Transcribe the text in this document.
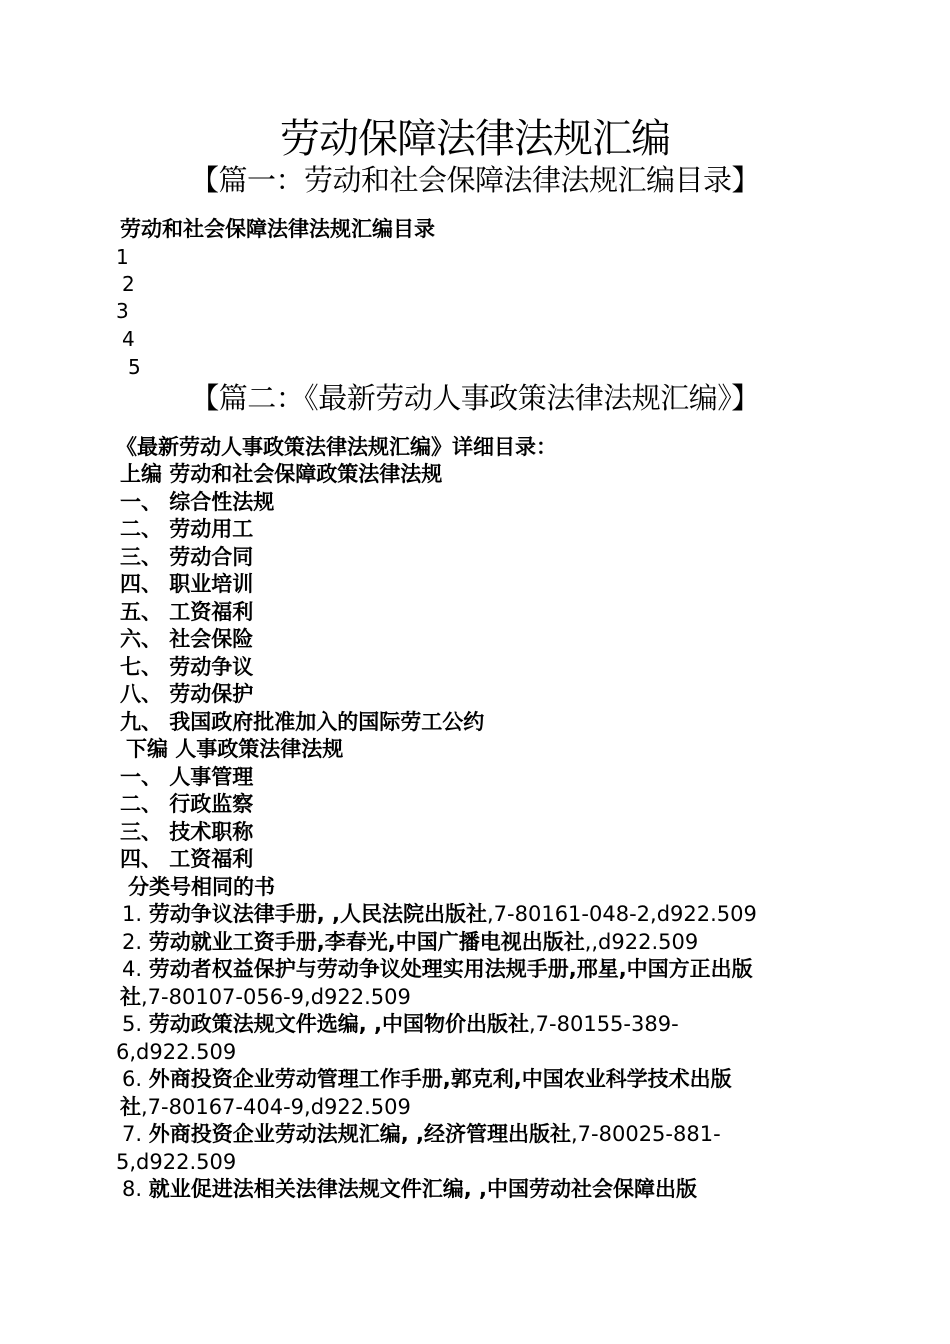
劳动保障法律法规汇编
【篇一：劳动和社会保障法律法规汇编目录】
劳动和社会保障法律法规汇编目录
1
2
3
4
5
【篇二：《最新劳动人事政策法律法规汇编》】
《最新劳动人事政策法律法规汇编》详细目录：
上编 劳动和社会保障政策法律法规
一、 综合性法规
二、 劳动用工
三、 劳动合同
四、 职业培训
五、 工资福利
六、 社会保险
七、 劳动争议
八、 劳动保护
九、 我国政府批准加入的国际劳工公约
下编 人事政策法律法规
一、 人事管理
二、 行政监察
三、 技术职称
四、 工资福利
分类号相同的书
1. 劳动争议法律手册, ,人民法院出版社,7-80161-048-2,d922.509
2. 劳动就业工资手册,李春光,中国广播电视出版社,,d922.509
4. 劳动者权益保护与劳动争议处理实用法规手册,邢星,中国方正出版
社,7-80107-056-9,d922.509
5. 劳动政策法规文件选编, ,中国物价出版社,7-80155-389-
6,d922.509
6. 外商投资企业劳动管理工作手册,郭克利,中国农业科学技术出版
社,7-80167-404-9,d922.509
7. 外商投资企业劳动法规汇编, ,经济管理出版社,7-80025-881-
5,d922.509
8. 就业促进法相关法律法规文件汇编, ,中国劳动社会保障出版
